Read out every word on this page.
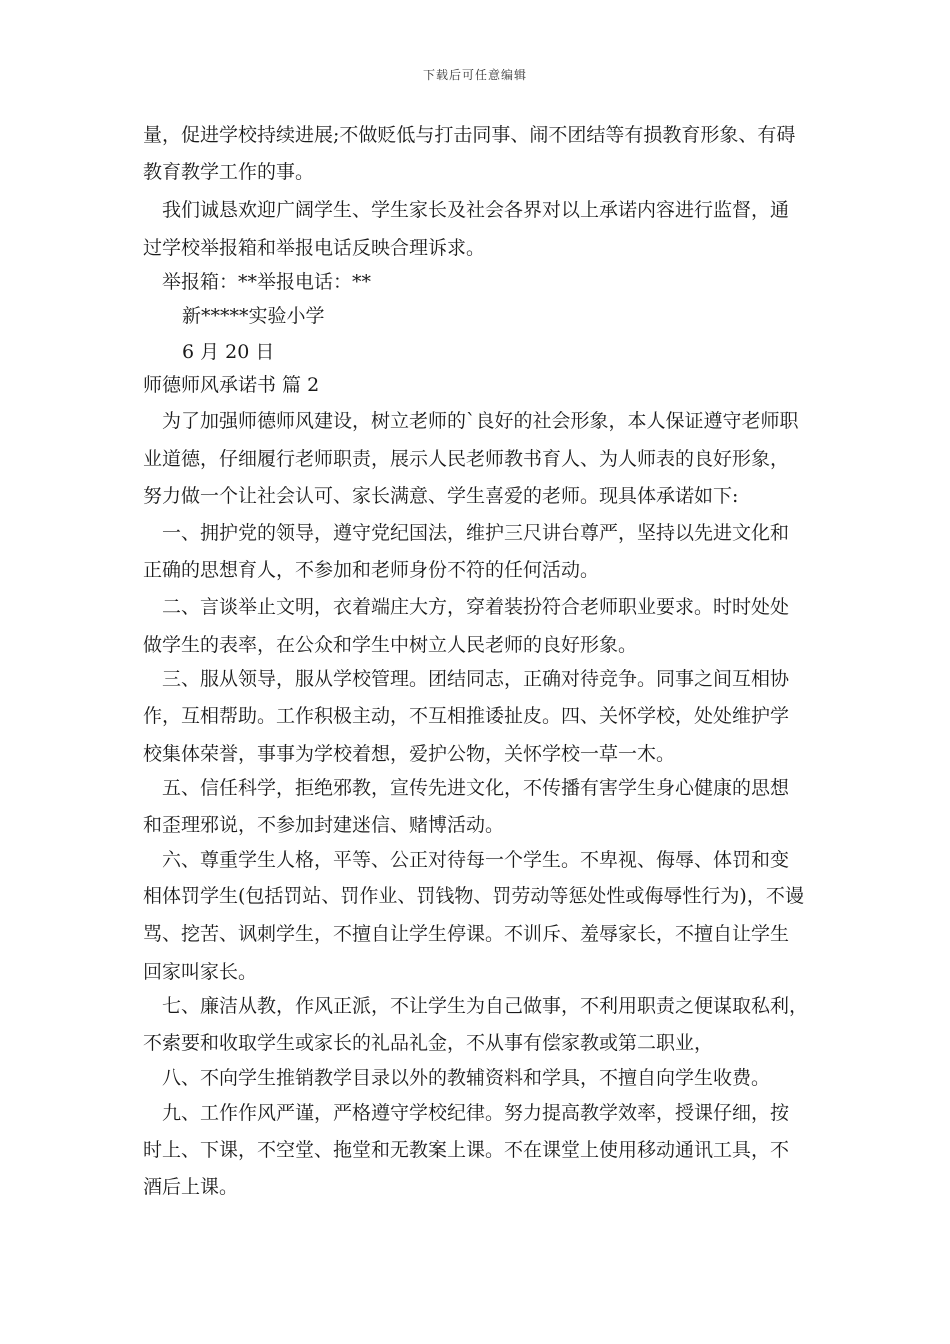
下载后可任意编辑
量，促进学校持续进展;不做贬低与打击同事、闹不团结等有损教育形象、有碍
教育教学工作的事。
我们诚恳欢迎广阔学生、学生家长及社会各界对以上承诺内容进行监督，通
过学校举报箱和举报电话反映合理诉求。
举报箱：**举报电话：**
新*****实验小学
6 月 20 日
师德师风承诺书 篇 2
为了加强师德师风建设，树立老师的`良好的社会形象，本人保证遵守老师职
业道德，仔细履行老师职责，展示人民老师教书育人、为人师表的良好形象，
努力做一个让社会认可、家长满意、学生喜爱的老师。现具体承诺如下:
一、拥护党的领导，遵守党纪国法，维护三尺讲台尊严，坚持以先进文化和
正确的思想育人，不参加和老师身份不符的任何活动。
二、言谈举止文明，衣着端庄大方，穿着装扮符合老师职业要求。时时处处
做学生的表率，在公众和学生中树立人民老师的良好形象。
三、服从领导，服从学校管理。团结同志，正确对待竞争。同事之间互相协
作，互相帮助。工作积极主动，不互相推诿扯皮。四、关怀学校，处处维护学
校集体荣誉，事事为学校着想，爱护公物，关怀学校一草一木。
五、信任科学，拒绝邪教，宣传先进文化，不传播有害学生身心健康的思想
和歪理邪说，不参加封建迷信、赌博活动。
六、尊重学生人格，平等、公正对待每一个学生。不卑视、侮辱、体罚和变
相体罚学生(包括罚站、罚作业、罚钱物、罚劳动等惩处性或侮辱性行为)，不谩
骂、挖苦、讽刺学生，不擅自让学生停课。不训斥、羞辱家长，不擅自让学生
回家叫家长。
七、廉洁从教，作风正派，不让学生为自己做事，不利用职责之便谋取私利，
不索要和收取学生或家长的礼品礼金，不从事有偿家教或第二职业，
八、不向学生推销教学目录以外的教辅资料和学具，不擅自向学生收费。
九、工作作风严谨，严格遵守学校纪律。努力提高教学效率，授课仔细，按
时上、下课，不空堂、拖堂和无教案上课。不在课堂上使用移动通讯工具，不
酒后上课。
